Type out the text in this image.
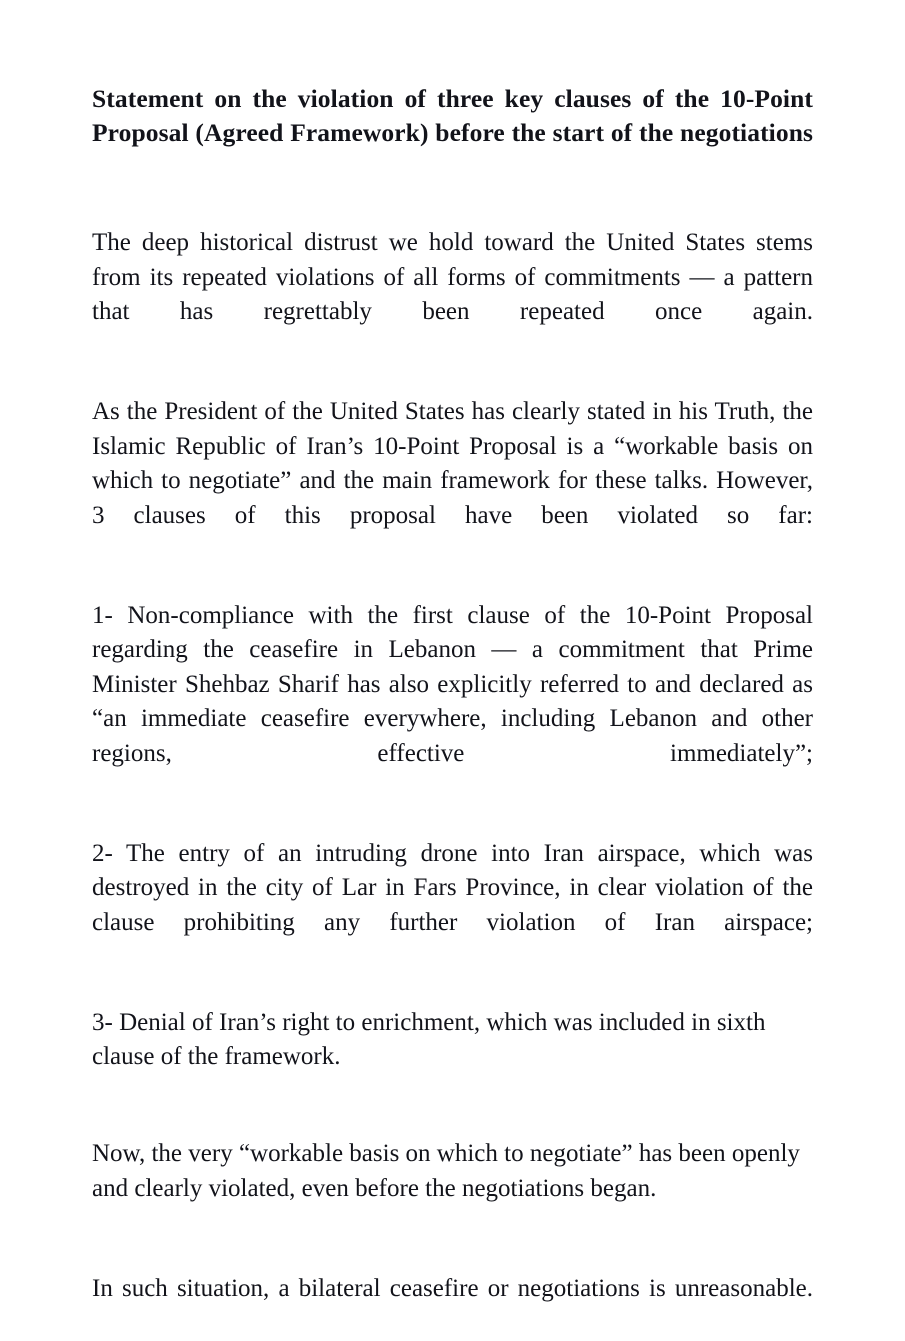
Statement on the violation of three key clauses of the 10-Point Proposal (Agreed Framework) before the start of the negotiations

The deep historical distrust we hold toward the United States stems from its repeated violations of all forms of commitments — a pattern that has regrettably been repeated once again.

As the President of the United States has clearly stated in his Truth, the Islamic Republic of Iran’s 10-Point Proposal is a “workable basis on which to negotiate” and the main framework for these talks. However, 3 clauses of this proposal have been violated so far:

1- Non-compliance with the first clause of the 10-Point Proposal regarding the ceasefire in Lebanon — a commitment that Prime Minister Shehbaz Sharif has also explicitly referred to and declared as “an immediate ceasefire everywhere, including Lebanon and other regions, effective immediately”;

2- The entry of an intruding drone into Iran airspace, which was destroyed in the city of Lar in Fars Province, in clear violation of the clause prohibiting any further violation of Iran airspace;

3- Denial of Iran’s right to enrichment, which was included in sixth clause of the framework.

Now, the very “workable basis on which to negotiate” has been openly and clearly violated, even before the negotiations began.

In such situation, a bilateral ceasefire or negotiations is unreasonable.
